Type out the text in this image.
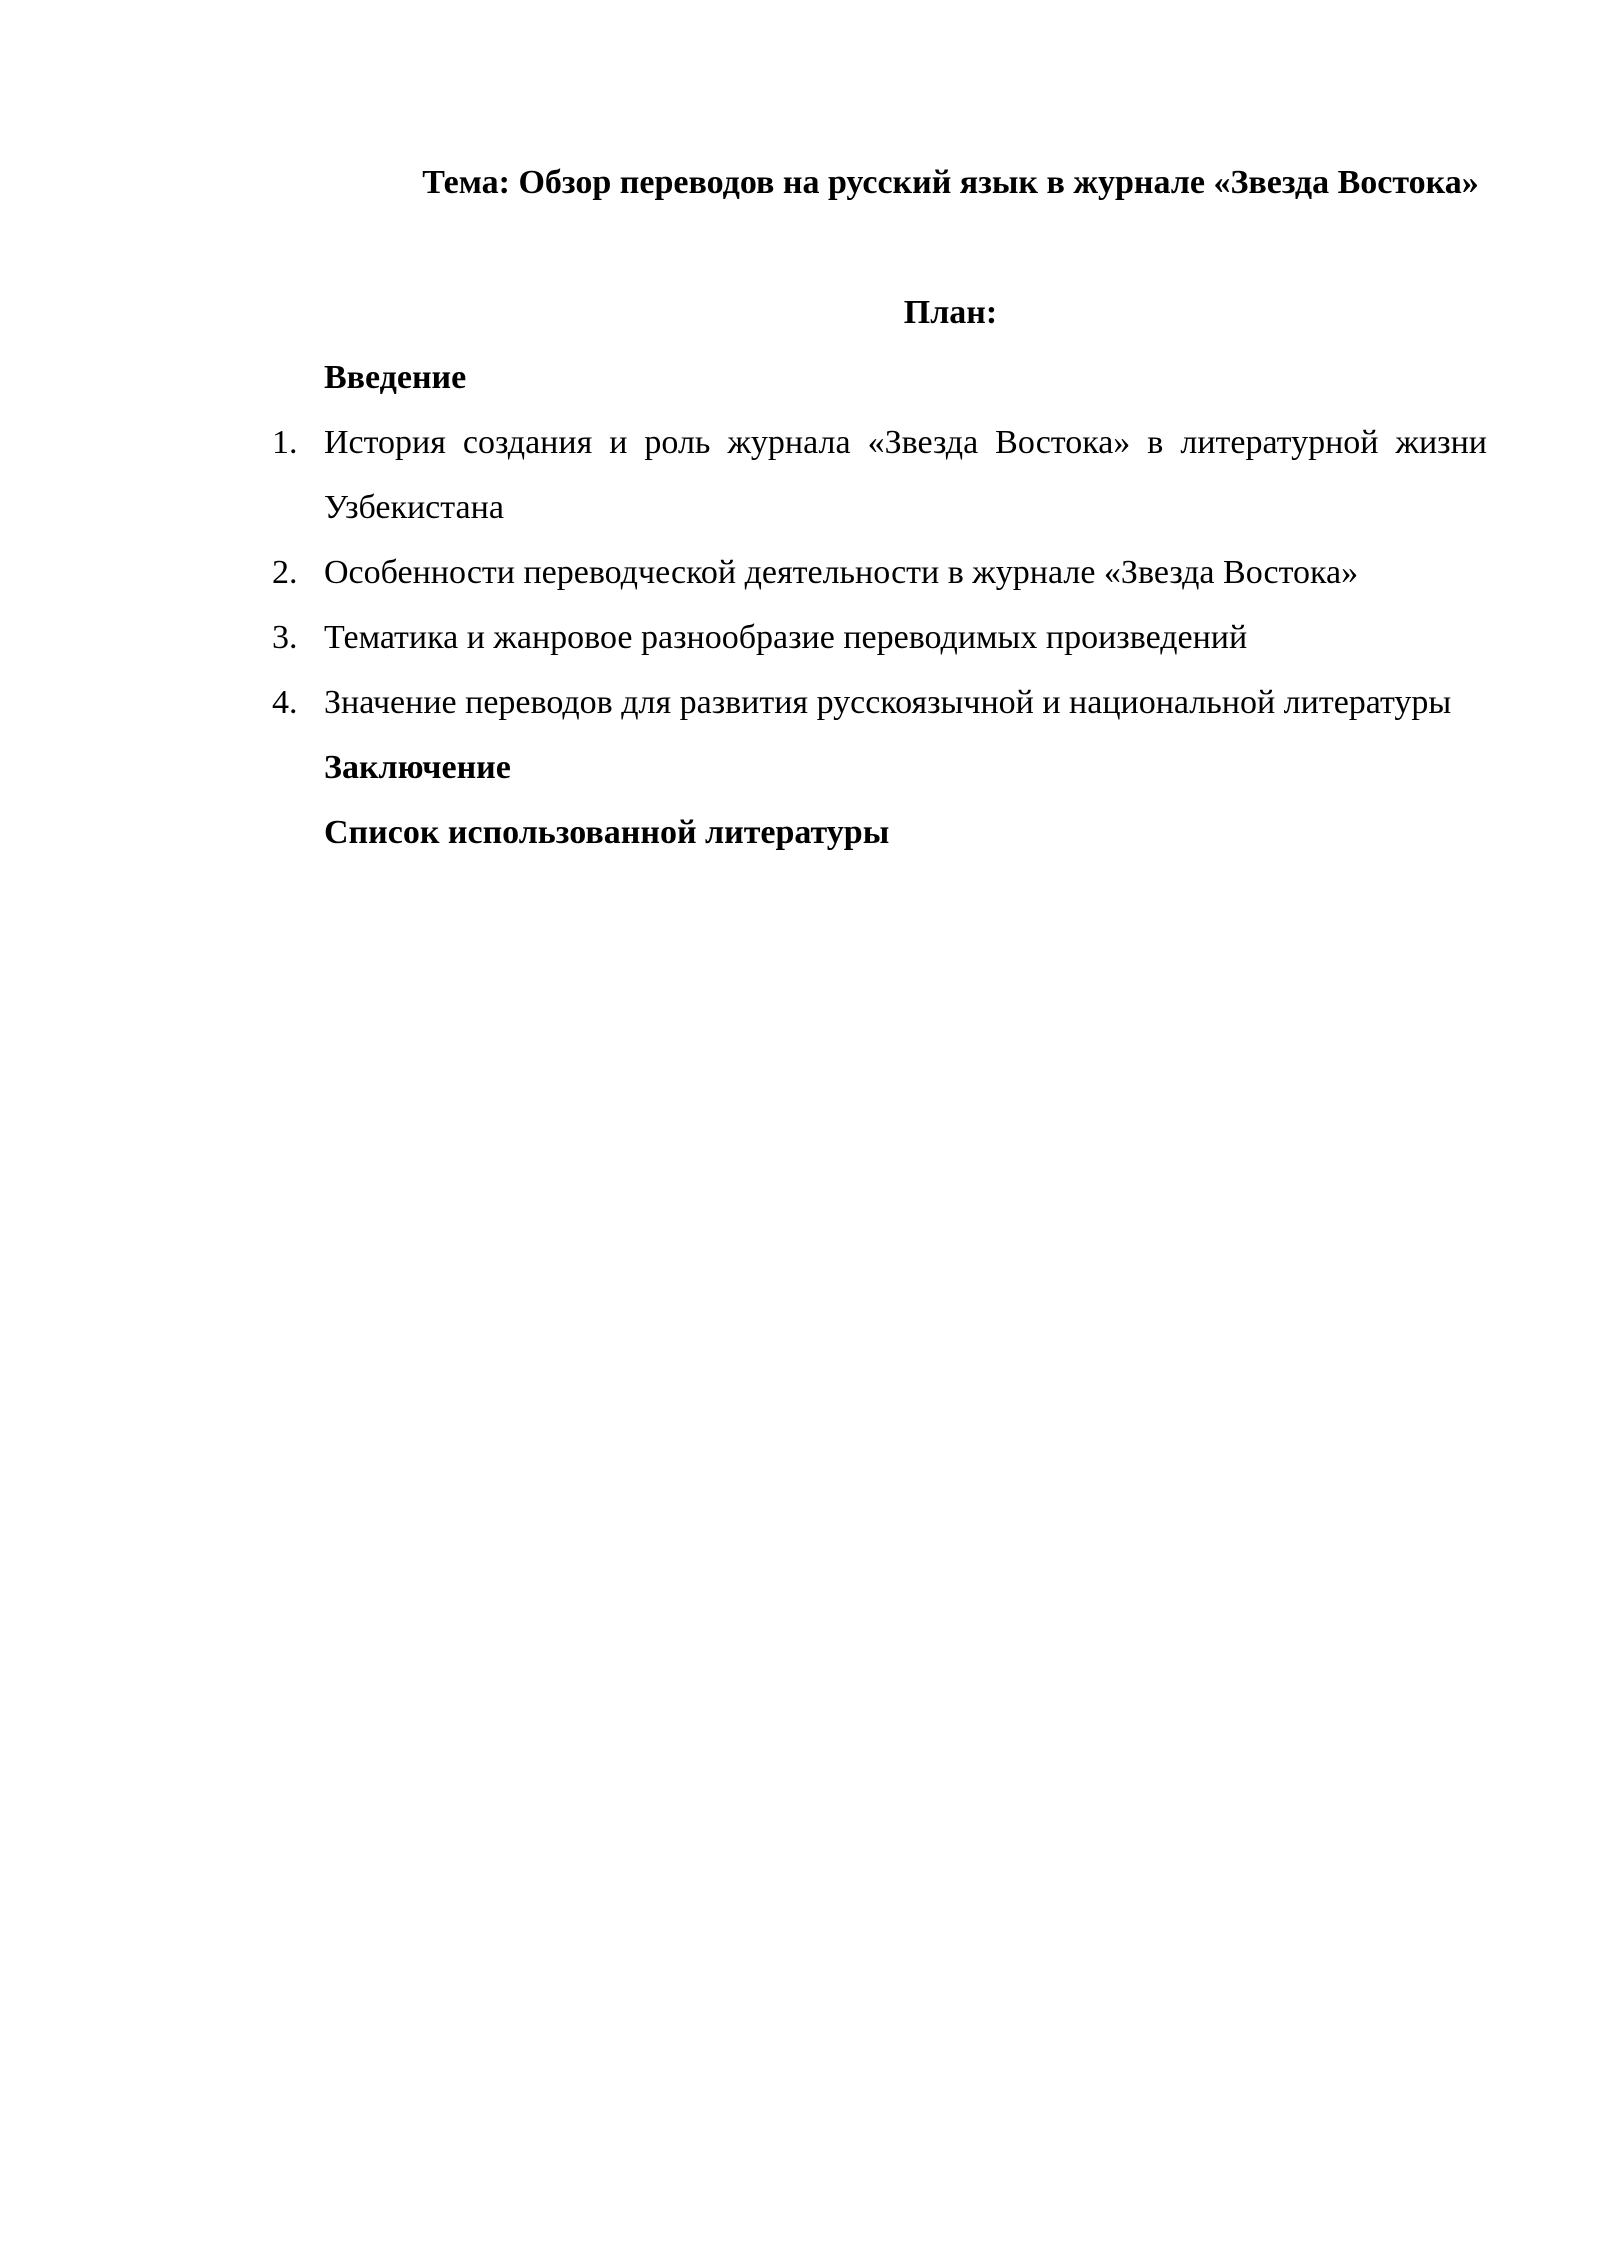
Тема: Обзор переводов на русский язык в журнале «Звезда Востока»

План:

Введение

1. История создания и роль журнала «Звезда Востока» в литературной жизни Узбекистана
2. Особенности переводческой деятельности в журнале «Звезда Востока»
3. Тематика и жанровое разнообразие переводимых произведений
4. Значение переводов для развития русскоязычной и национальной литературы

Заключение

Список использованной литературы
